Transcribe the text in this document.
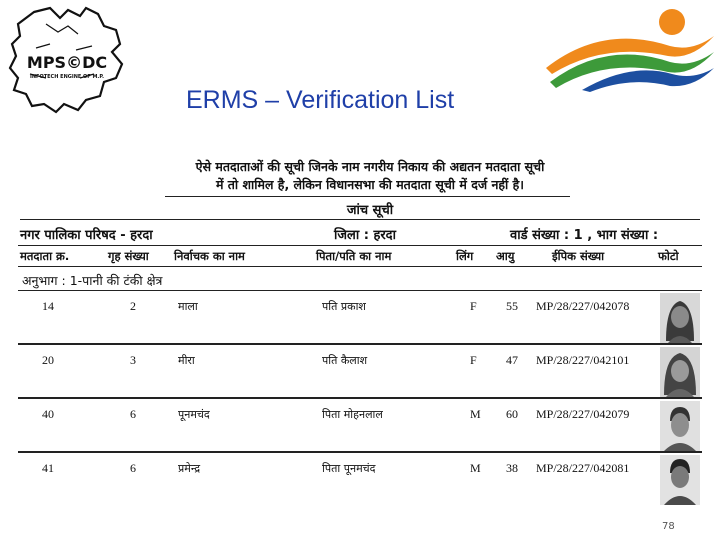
MPS©DC
INFOTECH ENGINE OF M.P.
ERMS – Verification List
ऐसे मतदाताओं की सूची जिनके नाम नगरीय निकाय की अद्यतन मतदाता सूची
में तो शामिल है, लेकिन विधानसभा की मतदाता सूची में दर्ज नहीं है।
जांच सूची
नगर पालिका परिषद - हरदा	जिला : हरदा	वार्ड संख्या : 1 , भाग संख्या :
मतदाता क्र.	गृह संख्या निर्वाचक का नाम	पिता/पति का नाम	लिंग आयु	ईपिक संख्या	फोटो
अनुभाग : 1-पानी की टंकी क्षेत्र
14	2	माला	पति प्रकाश	F 55 MP/28/227/042078
20	3	मीरा	पति कैलाश	F 47 MP/28/227/042101
40	6	पूनमचंद	पिता मोहनलाल	M 60 MP/28/227/042079
41	6	प्रमेन्द्र	पिता पूनमचंद	M 38 MP/28/227/042081
78
